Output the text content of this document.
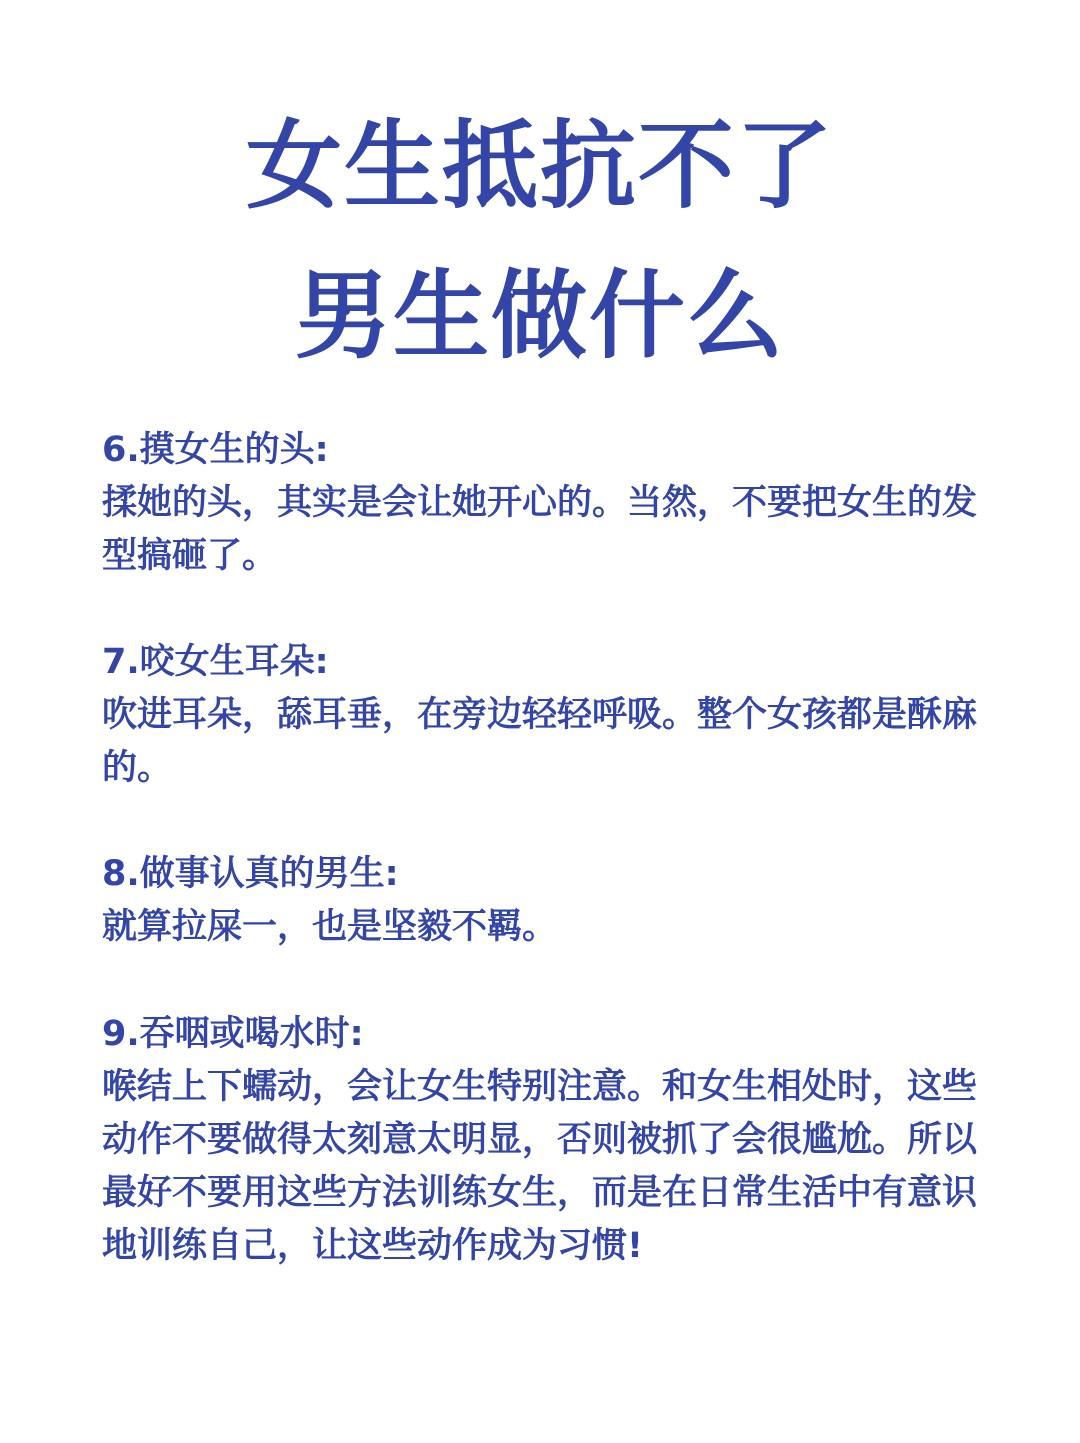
女生抵抗不了
男生做什么
6.摸女生的头:
揉她的头，其实是会让她开心的。当然，不要把女生的发型搞砸了。
7.咬女生耳朵:
吹进耳朵，舔耳垂，在旁边轻轻呼吸。整个女孩都是酥麻的。
8.做事认真的男生:
就算拉屎一，也是坚毅不羁。
9.吞咽或喝水时:
喉结上下蠕动，会让女生特别注意。和女生相处时，这些动作不要做得太刻意太明显，否则被抓了会很尴尬。所以最好不要用这些方法训练女生，而是在日常生活中有意识地训练自己，让这些动作成为习惯!
